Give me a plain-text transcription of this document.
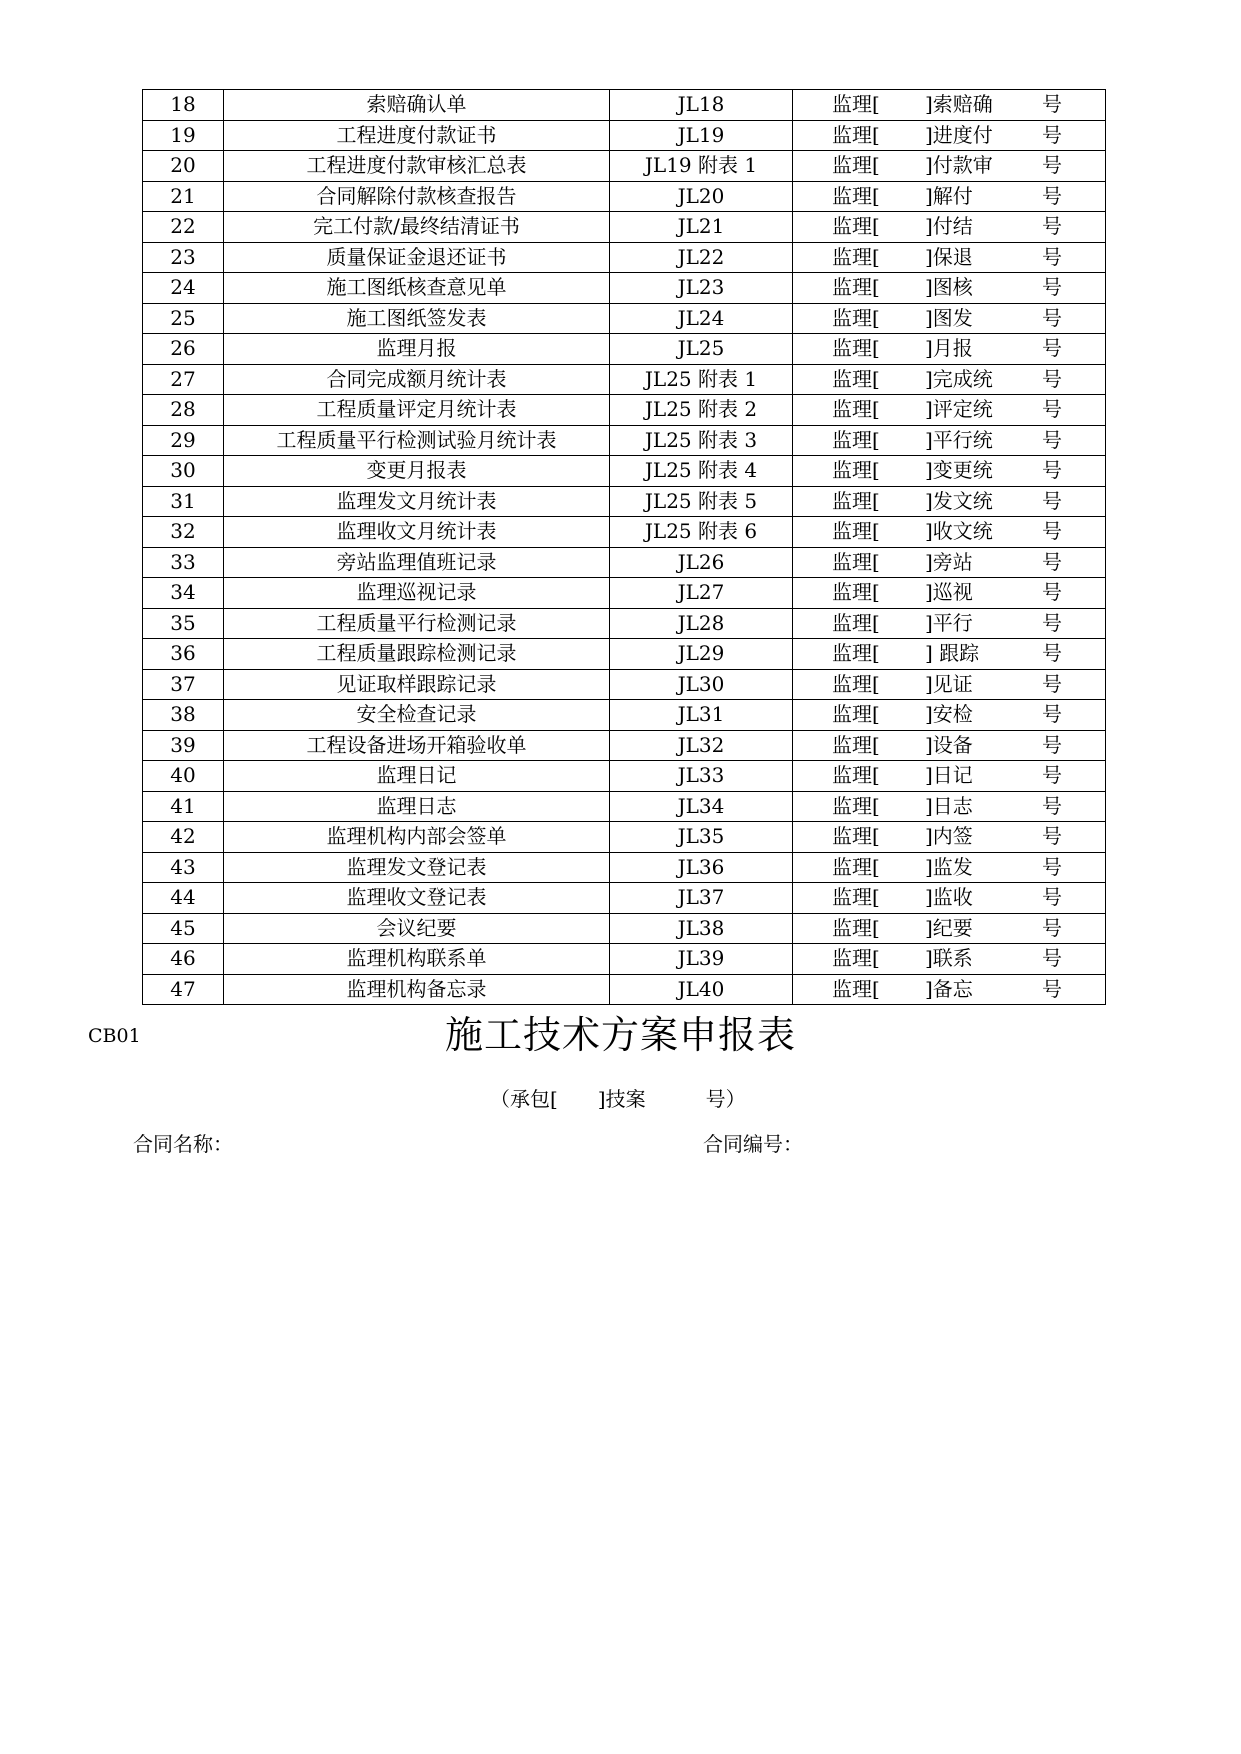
18	索赔确认单	JL18	监理[ ]索赔确 号

19	工程进度付款证书	JL19	监理[ ]进度付 号

20	工程进度付款审核汇总表	JL19 附表 1	监理[ ]付款审 号

21	合同解除付款核查报告	JL20	监理[ ]解付 号

22	完工付款/最终结清证书	JL21	监理[ ]付结 号

23	质量保证金退还证书	JL22	监理[ ]保退 号

24	施工图纸核查意见单	JL23	监理[ ]图核 号

25	施工图纸签发表	JL24	监理[ ]图发 号

26	监理月报	JL25	监理[ ]月报 号

27	合同完成额月统计表	JL25 附表 1	监理[ ]完成统 号

28	工程质量评定月统计表	JL25 附表 2	监理[ ]评定统 号

29	工程质量平行检测试验月统计表	JL25 附表 3	监理[ ]平行统 号

30	变更月报表	JL25 附表 4	监理[ ]变更统 号

31	监理发文月统计表	JL25 附表 5	监理[ ]发文统 号

32	监理收文月统计表	JL25 附表 6	监理[ ]收文统 号

33	旁站监理值班记录	JL26	监理[ ]旁站 号

34	监理巡视记录	JL27	监理[ ]巡视 号

35	工程质量平行检测记录	JL28	监理[ ]平行 号

36	工程质量跟踪检测记录	JL29	监理[ ] 跟踪 号

37	见证取样跟踪记录	JL30	监理[ ]见证 号

38	安全检查记录	JL31	监理[ ]安检 号

39	工程设备进场开箱验收单	JL32	监理[ ]设备 号

40	监理日记	JL33	监理[ ]日记 号

41	监理日志	JL34	监理[ ]日志 号

42	监理机构内部会签单	JL35	监理[ ]内签 号

43	监理发文登记表	JL36	监理[ ]监发 号

44	监理收文登记表	JL37	监理[ ]监收 号

45	会议纪要	JL38	监理[ ]纪要 号

46	监理机构联系单	JL39	监理[ ]联系 号

47	监理机构备忘录	JL40	监理[ ]备忘 号
CB01	施工技术方案申报表
（承包[　　]技案　　　号）
合同名称：	合同编号：
